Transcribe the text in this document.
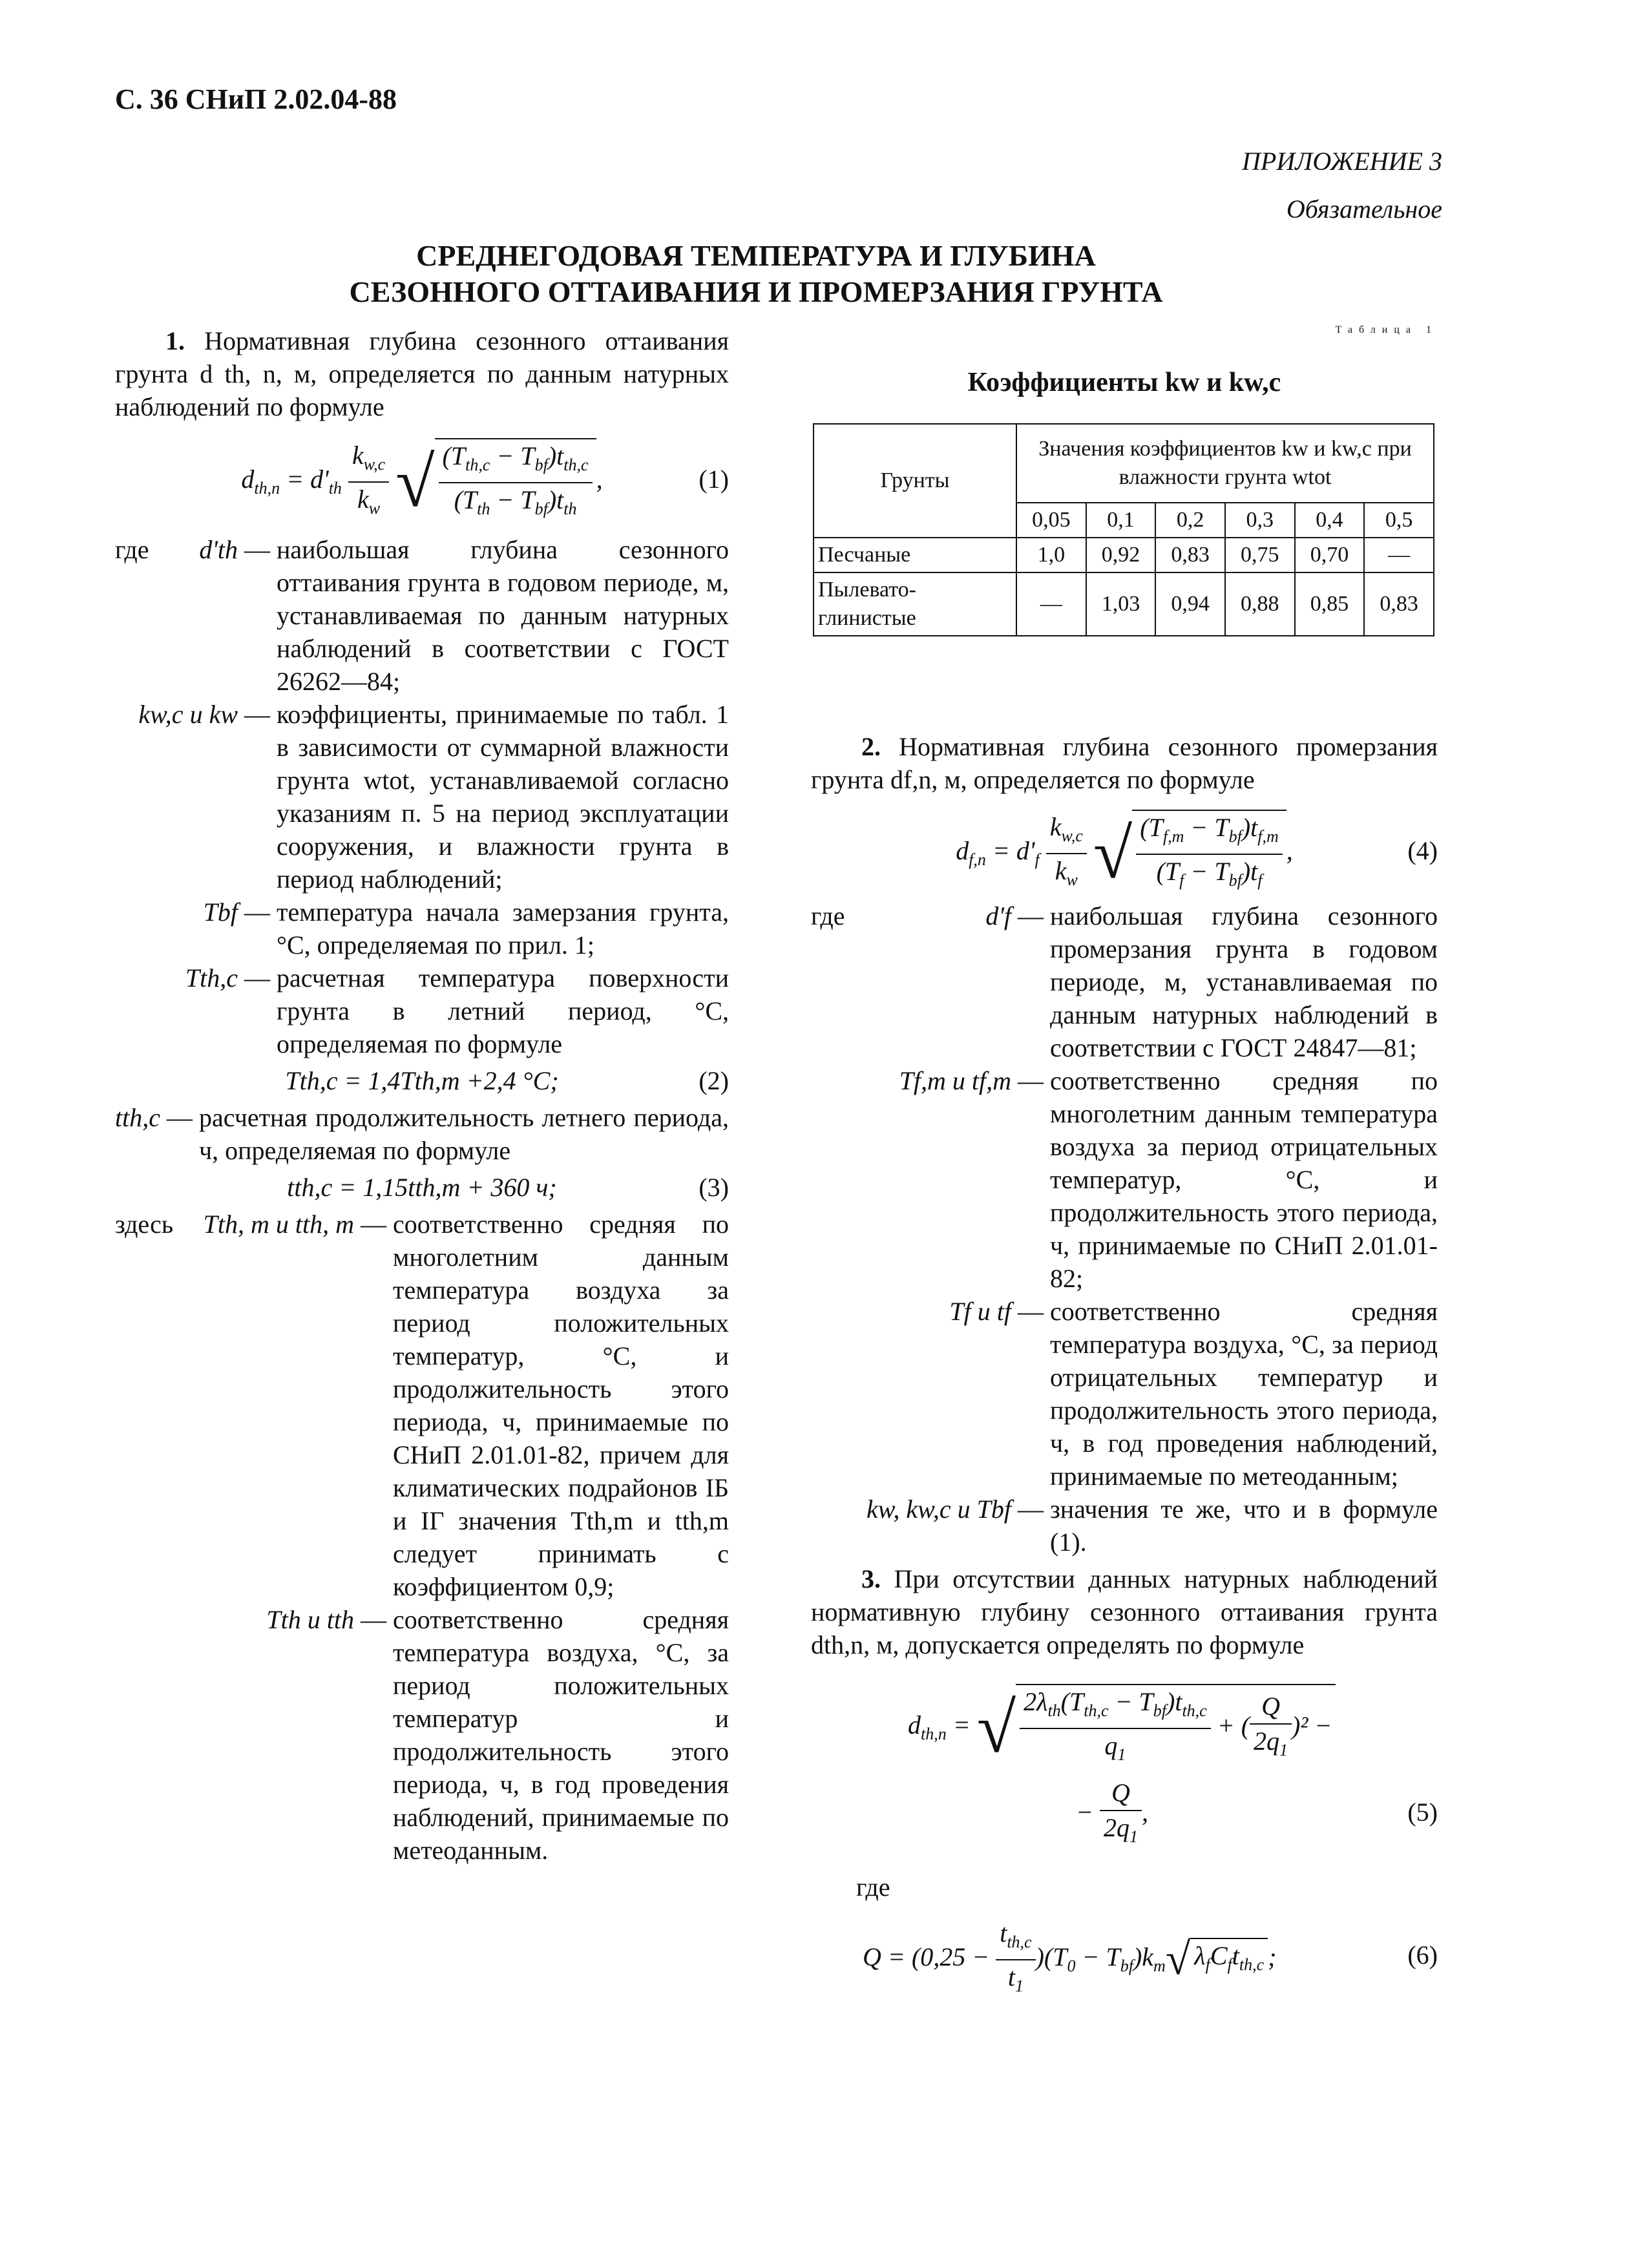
С. 36 СНиП 2.02.04-88
ПРИЛОЖЕНИЕ 3
Обязательное
СРЕДНЕГОДОВАЯ ТЕМПЕРАТУРА И ГЛУБИНА
СЕЗОННОГО ОТТАИВАНИЯ И ПРОМЕРЗАНИЯ ГРУНТА

1. Нормативная глубина сезонного оттаивания грунта d th, n, м, определяется по данным натурных наблюдений по формуле

$d_{th,n} = d'_{th} \frac{k_{w,c}}{k_w}$ √ $\frac{(T_{th,c} - T_{bf})t_{th,c}}{(T_{th} - T_{bf})t_{th}}$ ,	(1)
где	d'th — наибольшая глубина сезонного оттаивания грунта в годовом периоде, м, устанавливаемая по данным натурных наблюдений в соответствии с ГОСТ 26262—84;
kw,c и kw — коэффициенты, принимаемые по табл. 1 в зависимости от суммарной влажности грунта wtot, устанавливаемой согласно указаниям п. 5 на период эксплуатации сооружения, и влажности грунта в период наблюдений;
Tbf — температура начала замерзания грунта, °С, определяемая по прил. 1;
Tth,c — расчетная температура поверхности грунта в летний период, °С, определяемая по формуле
Tth,c = 1,4Tth,m +2,4 °С;	(2)
tth,c — расчетная продолжительность летнего периода, ч, определяемая по формуле
tth,c = 1,15tth,m + 360 ч;	(3)
здесь	Tth, m и tth, m — соответственно средняя по многолетним данным температура воздуха за период положительных температур, °С, и продолжительность этого периода, ч, принимаемые по СНиП 2.01.01-82, причем для климатических подрайонов IБ и IГ значения Tth,m и tth,m следует принимать с коэффициентом 0,9;
Tth и tth — соответственно средняя температура воздуха, °С, за период положительных температур и продолжительность этого периода, ч, в год проведения наблюдений, принимаемые по метеоданным.
Таблица 1
Коэффициенты kw и kw,c
Грунты	Значения коэффициентов kw и kw,c при влажности грунта wtot					
	0,05	0,1	0,2	0,3	0,4	0,5
Песчаные	1,0	0,92	0,83	0,75	0,70	—
Пылевато-глинистые	—	1,03	0,94	0,88	0,85	0,83

2. Нормативная глубина сезонного промерзания грунта df,n, м, определяется по формуле

$d_{f,n} = d'_f \frac{k_{w,c}}{k_w}$ √ $\frac{(T_{f,m} - T_{bf})t_{f,m}}{(T_f - T_{bf})t_f}$ ,	(4)
где	d'f — наибольшая глубина сезонного промерзания грунта в годовом периоде, м, устанавливаемая по данным натурных наблюдений в соответствии с ГОСТ 24847—81;
Tf,m и tf,m — соответственно средняя по многолетним данным температура воздуха за период отрицательных температур, °С, и продолжительность этого периода, ч, принимаемые по СНиП 2.01.01-82;
Tf и tf — соответственно средняя температура воздуха, °С, за период отрицательных температур и продолжительность этого периода, ч, в год проведения наблюдений, принимаемые по метеоданным;
kw, kw,c и Tbf — значения те же, что и в формуле (1).

3. При отсутствии данных натурных наблюдений нормативную глубину сезонного оттаивания грунта dth,n, м, допускается определять по формуле

$d_{th,n}$ = √ $\frac{2\lambda_{th}(T_{th,c} - T_{bf})t_{th,c}}{q_1}$ + ( $\frac{Q}{2q_1} )^2$ −
− $\frac{Q}{2q_1}$ ,	(5)

где

$Q = (0,25 - \frac{t_{th,c}}{t_1} )(T_0 - T_{bf})k_m√$ $\lambda_fC_ft_{th,c}$ ;	(6)
